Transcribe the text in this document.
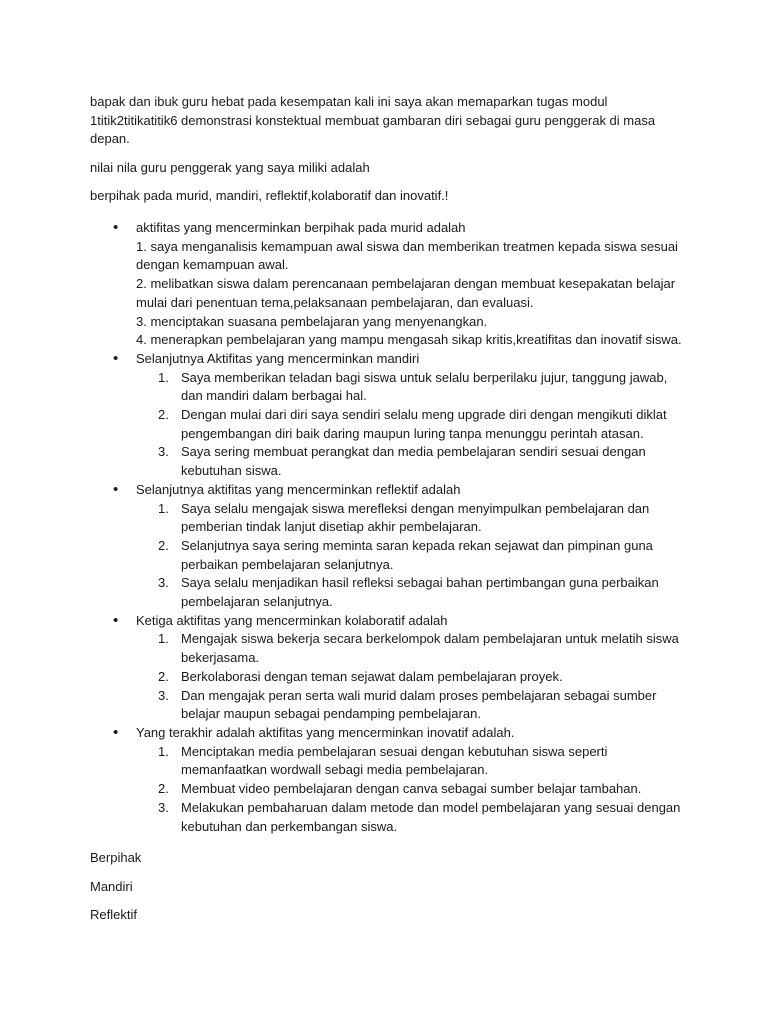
bapak dan ibuk guru hebat pada kesempatan kali ini saya akan memaparkan tugas modul
1titik2titikatitik6 demonstrasi konstektual membuat gambaran diri sebagai guru penggerak di masa
depan.

nilai nila guru penggerak yang saya miliki adalah

berpihak pada murid, mandiri, reflektif,kolaboratif dan inovatif.!

• aktifitas yang mencerminkan berpihak pada murid adalah
1. saya menganalisis kemampuan awal siswa dan memberikan treatmen kepada siswa sesuai
dengan kemampuan awal.
2. melibatkan siswa dalam perencanaan pembelajaran dengan membuat kesepakatan belajar
mulai dari penentuan tema,pelaksanaan pembelajaran, dan evaluasi.
3. menciptakan suasana pembelajaran yang menyenangkan.
4. menerapkan pembelajaran yang mampu mengasah sikap kritis,kreatifitas dan inovatif siswa.
• Selanjutnya Aktifitas yang mencerminkan mandiri
1. Saya memberikan teladan bagi siswa untuk selalu berperilaku jujur, tanggung jawab,
dan mandiri dalam berbagai hal.
2. Dengan mulai dari diri saya sendiri selalu meng upgrade diri dengan mengikuti diklat
pengembangan diri baik daring maupun luring tanpa menunggu perintah atasan.
3. Saya sering membuat perangkat dan media pembelajaran sendiri sesuai dengan
kebutuhan siswa.
• Selanjutnya aktifitas yang mencerminkan reflektif adalah
1. Saya selalu mengajak siswa merefleksi dengan menyimpulkan pembelajaran dan
pemberian tindak lanjut disetiap akhir pembelajaran.
2. Selanjutnya saya sering meminta saran kepada rekan sejawat dan pimpinan guna
perbaikan pembelajaran selanjutnya.
3. Saya selalu menjadikan hasil refleksi sebagai bahan pertimbangan guna perbaikan
pembelajaran selanjutnya.
• Ketiga aktifitas yang mencerminkan kolaboratif adalah
1. Mengajak siswa bekerja secara berkelompok dalam pembelajaran untuk melatih siswa
bekerjasama.
2. Berkolaborasi dengan teman sejawat dalam pembelajaran proyek.
3. Dan mengajak peran serta wali murid dalam proses pembelajaran sebagai sumber
belajar maupun sebagai pendamping pembelajaran.
• Yang terakhir adalah aktifitas yang mencerminkan inovatif adalah.
1. Menciptakan media pembelajaran sesuai dengan kebutuhan siswa seperti
memanfaatkan wordwall sebagi media pembelajaran.
2. Membuat video pembelajaran dengan canva sebagai sumber belajar tambahan.
3. Melakukan pembaharuan dalam metode dan model pembelajaran yang sesuai dengan
kebutuhan dan perkembangan siswa.

Berpihak

Mandiri

Reflektif
